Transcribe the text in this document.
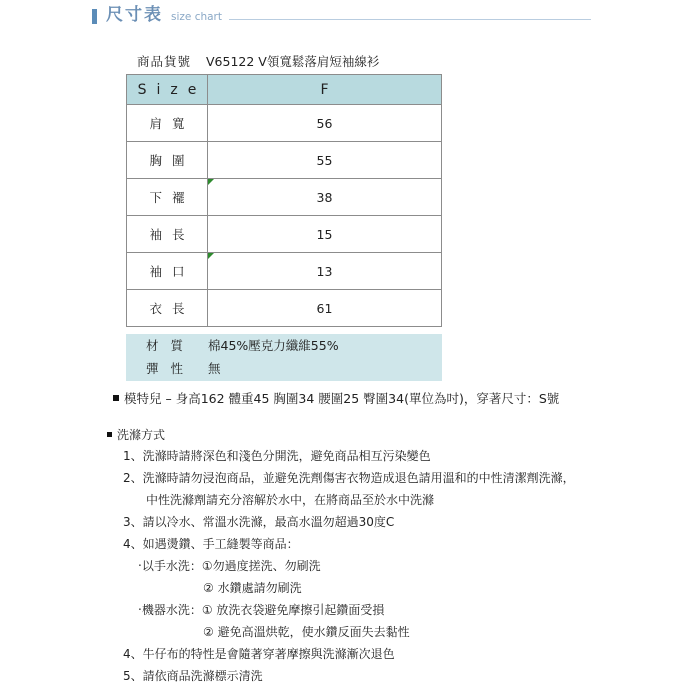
尺寸表 size chart
商品貨號 V65122 V領寬鬆落肩短袖線衫
Size	F
肩寬	56
胸圍	55
下襬	38
袖長	15
袖口	13
衣長	61
材質 棉45%壓克力纖維55%
彈性 無
模特兒 – 身高162 體重45 胸圍34 腰圍25 臀圍34(單位為吋)，穿著尺寸：S號
洗滌方式
1、洗滌時請將深色和淺色分開洗，避免商品相互污染變色
2、洗滌時請勿浸泡商品，並避免洗劑傷害衣物造成退色請用溫和的中性清潔劑洗滌，
中性洗滌劑請充分溶解於水中，在將商品至於水中洗滌
3、請以冷水、常溫水洗滌，最高水溫勿超過30度C
4、如遇燙鑽、手工縫製等商品：
‧以手水洗：①勿過度搓洗、勿刷洗
② 水鑽處請勿刷洗
‧機器水洗：① 放洗衣袋避免摩擦引起鑽面受損
② 避免高溫烘乾，使水鑽反面失去黏性
4、牛仔布的特性是會隨著穿著摩擦與洗滌漸次退色
5、請依商品洗滌標示清洗
